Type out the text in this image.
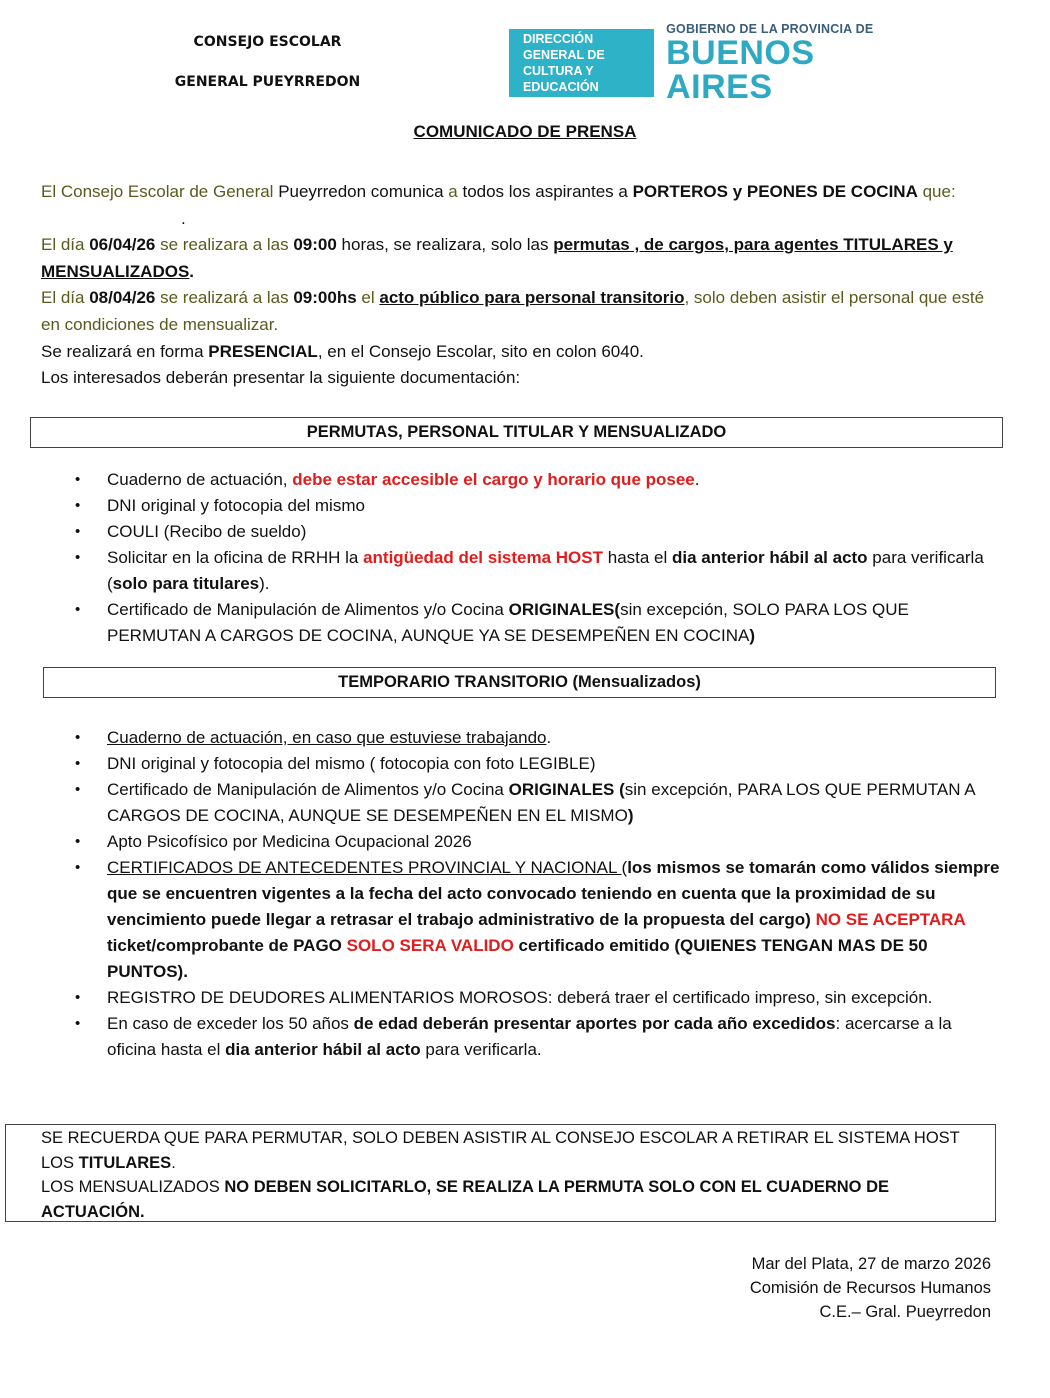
CONSEJO ESCOLAR
GENERAL PUEYRREDON
DIRECCIÓN GENERAL DE
CULTURA Y EDUCACIÓN
GOBIERNO DE LA PROVINCIA DE
BUENOS AIRES
COMUNICADO DE PRENSA
El Consejo Escolar de General Pueyrredon comunica a todos los aspirantes a PORTEROS y PEONES DE COCINA que: .
El día 06/04/26 se realizara a las 09:00 horas, se realizara, solo las permutas , de cargos, para agentes TITULARES y MENSUALIZADOS.
El día 08/04/26 se realizará a las 09:00hs el acto público para personal transitorio, solo deben asistir el personal que esté en condiciones de mensualizar.
Se realizará en forma PRESENCIAL, en el Consejo Escolar, sito en colon 6040.
Los interesados deberán presentar la siguiente documentación:
PERMUTAS, PERSONAL TITULAR Y MENSUALIZADO
• Cuaderno de actuación, debe estar accesible el cargo y horario que posee.
• DNI original y fotocopia del mismo
• COULI (Recibo de sueldo)
• Solicitar en la oficina de RRHH la antigüedad del sistema HOST hasta el dia anterior hábil al acto para verificarla (solo para titulares).
• Certificado de Manipulación de Alimentos y/o Cocina ORIGINALES(sin excepción, SOLO PARA LOS QUE PERMUTAN A CARGOS DE COCINA, AUNQUE YA SE DESEMPEÑEN EN COCINA)
TEMPORARIO TRANSITORIO (Mensualizados)
• Cuaderno de actuación, en caso que estuviese trabajando.
• DNI original y fotocopia del mismo ( fotocopia con foto LEGIBLE)
• Certificado de Manipulación de Alimentos y/o Cocina ORIGINALES (sin excepción, PARA LOS QUE PERMUTAN A CARGOS DE COCINA, AUNQUE SE DESEMPEÑEN EN EL MISMO)
• Apto Psicofísico por Medicina Ocupacional 2026
• CERTIFICADOS DE ANTECEDENTES PROVINCIAL Y NACIONAL (los mismos se tomarán como válidos siempre que se encuentren vigentes a la fecha del acto convocado teniendo en cuenta que la proximidad de su vencimiento puede llegar a retrasar el trabajo administrativo de la propuesta del cargo) NO SE ACEPTARA ticket/comprobante de PAGO SOLO SERA VALIDO certificado emitido (QUIENES TENGAN MAS DE 50 PUNTOS).
• REGISTRO DE DEUDORES ALIMENTARIOS MOROSOS: deberá traer el certificado impreso, sin excepción.
• En caso de exceder los 50 años de edad deberán presentar aportes por cada año excedidos: acercarse a la oficina hasta el dia anterior hábil al acto para verificarla.
SE RECUERDA QUE PARA PERMUTAR, SOLO DEBEN ASISTIR AL CONSEJO ESCOLAR A RETIRAR EL SISTEMA HOST LOS TITULARES.
LOS MENSUALIZADOS NO DEBEN SOLICITARLO, SE REALIZA LA PERMUTA SOLO CON EL CUADERNO DE ACTUACIÓN.
Mar del Plata, 27 de marzo 2026
Comisión de Recursos Humanos
C.E.– Gral. Pueyrredon
